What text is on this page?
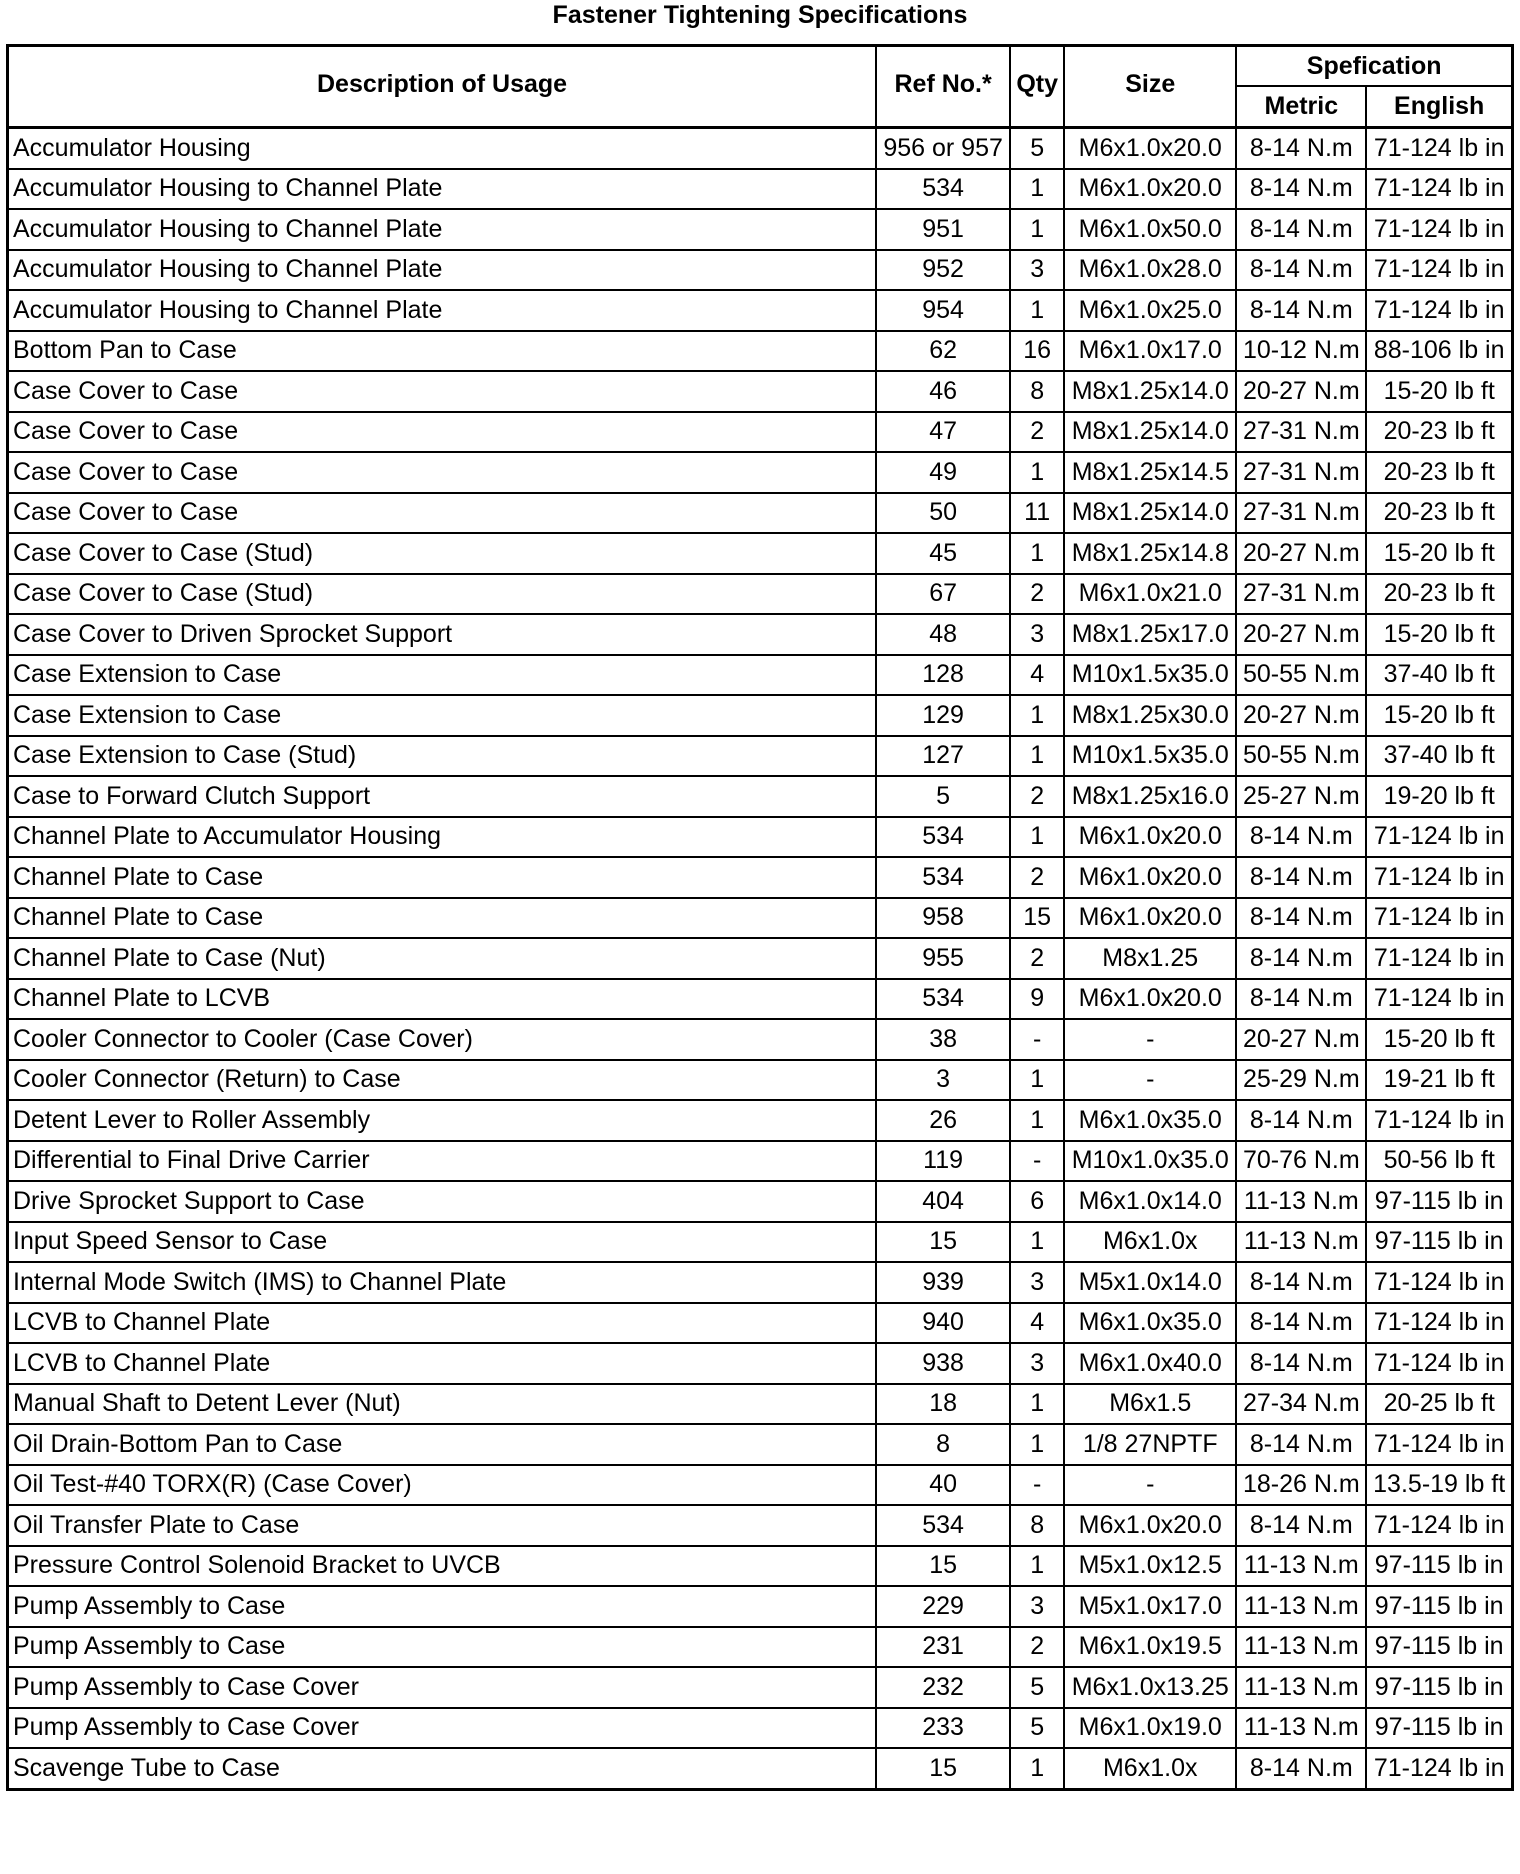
Fastener Tightening Specifications
Description of Usage	Ref No.*	Qty	Size	Spefication	
				Metric	English
Accumulator Housing	956 or 957	5	M6x1.0x20.0	8-14 N.m	71-124 lb in
Accumulator Housing to Channel Plate	534	1	M6x1.0x20.0	8-14 N.m	71-124 lb in
Accumulator Housing to Channel Plate	951	1	M6x1.0x50.0	8-14 N.m	71-124 lb in
Accumulator Housing to Channel Plate	952	3	M6x1.0x28.0	8-14 N.m	71-124 lb in
Accumulator Housing to Channel Plate	954	1	M6x1.0x25.0	8-14 N.m	71-124 lb in
Bottom Pan to Case	62	16	M6x1.0x17.0	10-12 N.m	88-106 lb in
Case Cover to Case	46	8	M8x1.25x14.0	20-27 N.m	15-20 lb ft
Case Cover to Case	47	2	M8x1.25x14.0	27-31 N.m	20-23 lb ft
Case Cover to Case	49	1	M8x1.25x14.5	27-31 N.m	20-23 lb ft
Case Cover to Case	50	11	M8x1.25x14.0	27-31 N.m	20-23 lb ft
Case Cover to Case (Stud)	45	1	M8x1.25x14.8	20-27 N.m	15-20 lb ft
Case Cover to Case (Stud)	67	2	M6x1.0x21.0	27-31 N.m	20-23 lb ft
Case Cover to Driven Sprocket Support	48	3	M8x1.25x17.0	20-27 N.m	15-20 lb ft
Case Extension to Case	128	4	M10x1.5x35.0	50-55 N.m	37-40 lb ft
Case Extension to Case	129	1	M8x1.25x30.0	20-27 N.m	15-20 lb ft
Case Extension to Case (Stud)	127	1	M10x1.5x35.0	50-55 N.m	37-40 lb ft
Case to Forward Clutch Support	5	2	M8x1.25x16.0	25-27 N.m	19-20 lb ft
Channel Plate to Accumulator Housing	534	1	M6x1.0x20.0	8-14 N.m	71-124 lb in
Channel Plate to Case	534	2	M6x1.0x20.0	8-14 N.m	71-124 lb in
Channel Plate to Case	958	15	M6x1.0x20.0	8-14 N.m	71-124 lb in
Channel Plate to Case (Nut)	955	2	M8x1.25	8-14 N.m	71-124 lb in
Channel Plate to LCVB	534	9	M6x1.0x20.0	8-14 N.m	71-124 lb in
Cooler Connector to Cooler (Case Cover)	38	-	-	20-27 N.m	15-20 lb ft
Cooler Connector (Return) to Case	3	1	-	25-29 N.m	19-21 lb ft
Detent Lever to Roller Assembly	26	1	M6x1.0x35.0	8-14 N.m	71-124 lb in
Differential to Final Drive Carrier	119	-	M10x1.0x35.0	70-76 N.m	50-56 lb ft
Drive Sprocket Support to Case	404	6	M6x1.0x14.0	11-13 N.m	97-115 lb in
Input Speed Sensor to Case	15	1	M6x1.0x	11-13 N.m	97-115 lb in
Internal Mode Switch (IMS) to Channel Plate	939	3	M5x1.0x14.0	8-14 N.m	71-124 lb in
LCVB to Channel Plate	940	4	M6x1.0x35.0	8-14 N.m	71-124 lb in
LCVB to Channel Plate	938	3	M6x1.0x40.0	8-14 N.m	71-124 lb in
Manual Shaft to Detent Lever (Nut)	18	1	M6x1.5	27-34 N.m	20-25 lb ft
Oil Drain-Bottom Pan to Case	8	1	1/8 27NPTF	8-14 N.m	71-124 lb in
Oil Test-#40 TORX(R) (Case Cover)	40	-	-	18-26 N.m	13.5-19 lb ft
Oil Transfer Plate to Case	534	8	M6x1.0x20.0	8-14 N.m	71-124 lb in
Pressure Control Solenoid Bracket to UVCB	15	1	M5x1.0x12.5	11-13 N.m	97-115 lb in
Pump Assembly to Case	229	3	M5x1.0x17.0	11-13 N.m	97-115 lb in
Pump Assembly to Case	231	2	M6x1.0x19.5	11-13 N.m	97-115 lb in
Pump Assembly to Case Cover	232	5	M6x1.0x13.25	11-13 N.m	97-115 lb in
Pump Assembly to Case Cover	233	5	M6x1.0x19.0	11-13 N.m	97-115 lb in
Scavenge Tube to Case	15	1	M6x1.0x	8-14 N.m	71-124 lb in
